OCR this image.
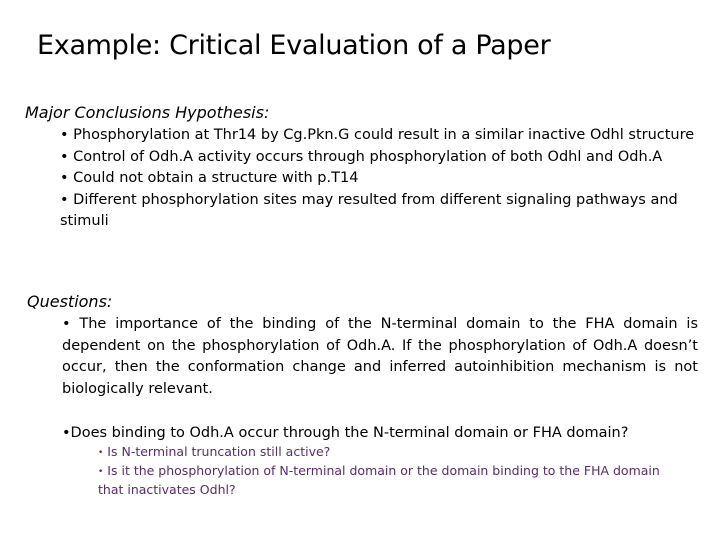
Example: Critical Evaluation of a Paper
Major Conclusions Hypothesis:
• Phosphorylation at Thr14 by Cg.Pkn.G could result in a similar inactive Odhl structure
• Control of Odh.A activity occurs through phosphorylation of both Odhl and Odh.A
• Could not obtain a structure with p.T14
• Different phosphorylation sites may resulted from different signaling pathways and
stimuli
Questions:
• The importance of the binding of the N-terminal domain to the FHA domain is dependent on the phosphorylation of Odh.A. If the phosphorylation of Odh.A doesn’t occur, then the conformation change and inferred autoinhibition mechanism is not biologically relevant.
•Does binding to Odh.A occur through the N-terminal domain or FHA domain?
• Is N-terminal truncation still active?
• Is it the phosphorylation of N-terminal domain or the domain binding to the FHA domain
that inactivates Odhl?
